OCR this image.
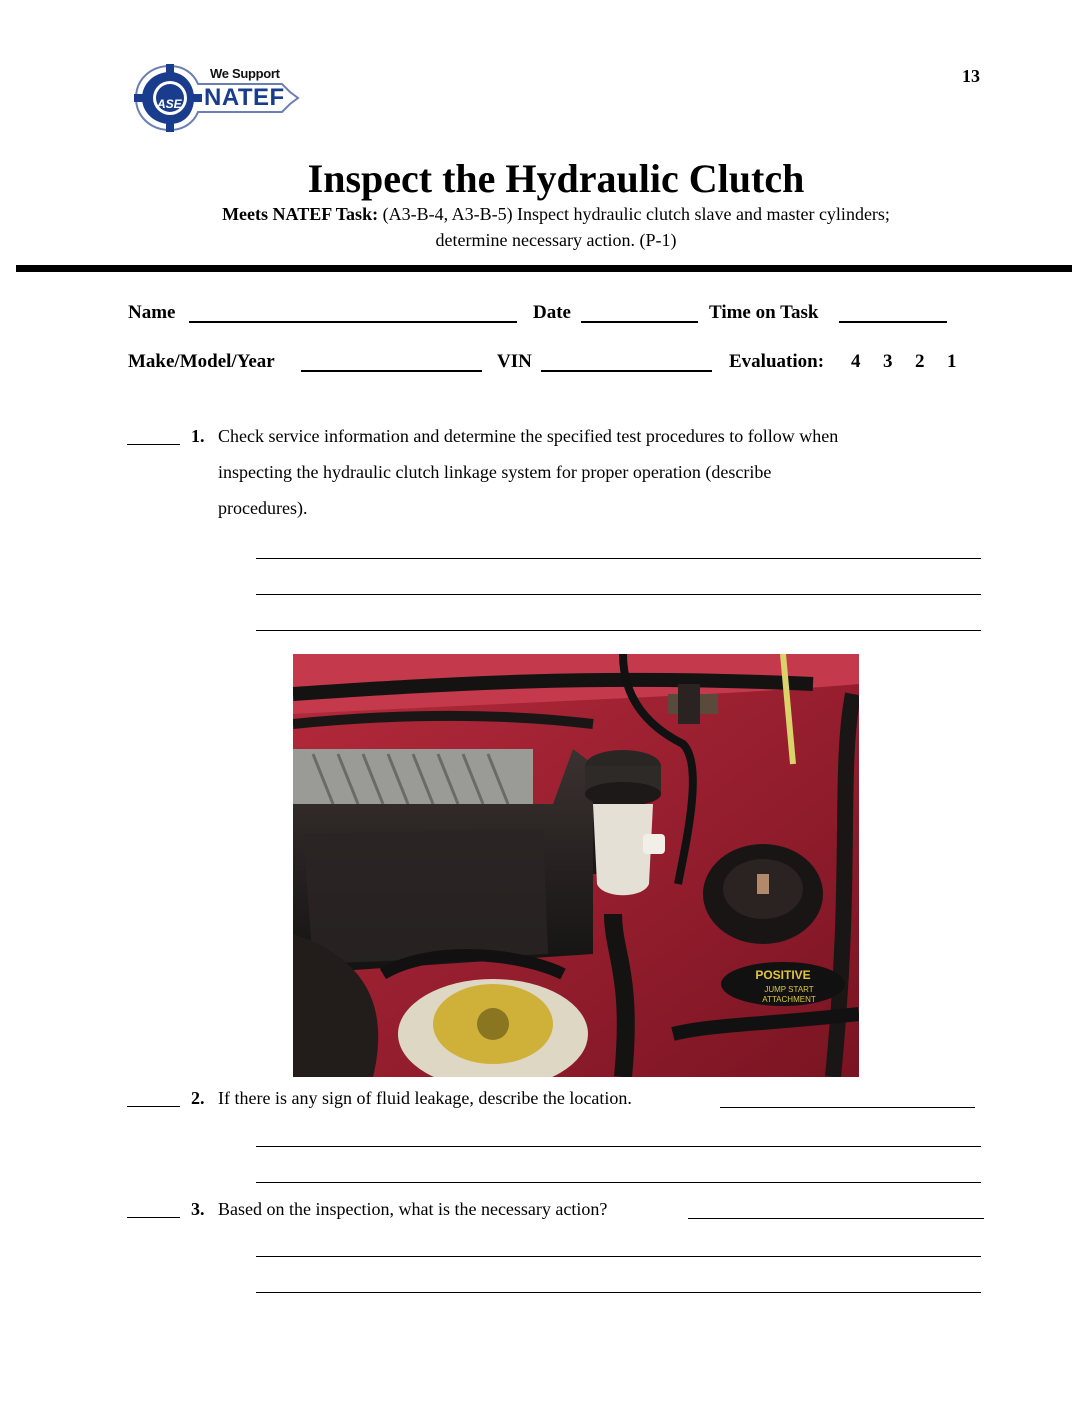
13
We Support
NATEF
ASE
Inspect the Hydraulic Clutch
Meets NATEF Task: (A3-B-4, A3-B-5) Inspect hydraulic clutch slave and master cylinders;
determine necessary action. (P-1)
Name	Date	Time on Task
Make/Model/Year	VIN	Evaluation: 4 3 2 1
1. Check service information and determine the specified test procedures to follow when
inspecting the hydraulic clutch linkage system for proper operation (describe
procedures).
POSITIVE
JUMP START
ATTACHMENT
2. If there is any sign of fluid leakage, describe the location.
3. Based on the inspection, what is the necessary action?
